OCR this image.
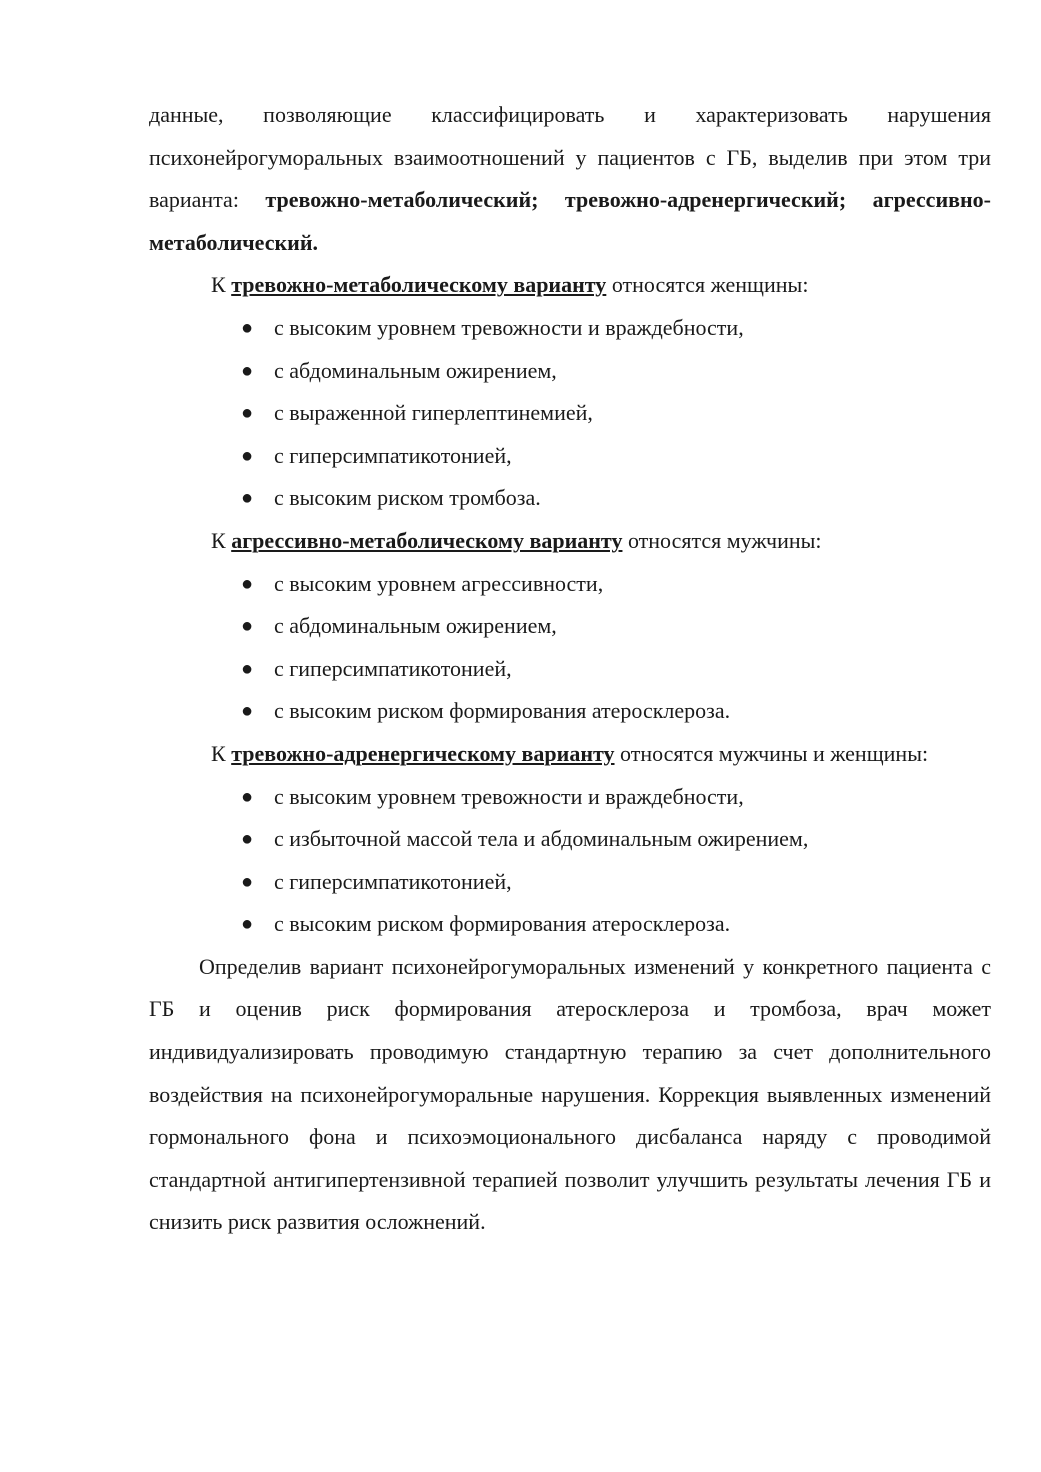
данные, позволяющие классифицировать и характеризовать нарушения психонейрогуморальных взаимоотношений у пациентов с ГБ, выделив при этом три варианта: тревожно-метаболический; тревожно-адренергический; агрессивно-метаболический.

К тревожно-метаболическому варианту относятся женщины:

● с высоким уровнем тревожности и враждебности,
● с абдоминальным ожирением,
● с выраженной гиперлептинемией,
● с гиперсимпатикотонией,
● с высоким риском тромбоза.

К агрессивно-метаболическому варианту относятся мужчины:

● с высоким уровнем агрессивности,
● с абдоминальным ожирением,
● с гиперсимпатикотонией,
● с высоким риском формирования атеросклероза.

К тревожно-адренергическому варианту относятся мужчины и женщины:

● с высоким уровнем тревожности и враждебности,
● с избыточной массой тела и абдоминальным ожирением,
● с гиперсимпатикотонией,
● с высоким риском формирования атеросклероза.

Определив вариант психонейрогуморальных изменений у конкретного пациента с ГБ и оценив риск формирования атеросклероза и тромбоза, врач может индивидуализировать проводимую стандартную терапию за счет дополнительного воздействия на психонейрогуморальные нарушения. Коррекция выявленных изменений гормонального фона и психоэмоционального дисбаланса наряду с проводимой стандартной антигипертензивной терапией позволит улучшить результаты лечения ГБ и снизить риск развития осложнений.
